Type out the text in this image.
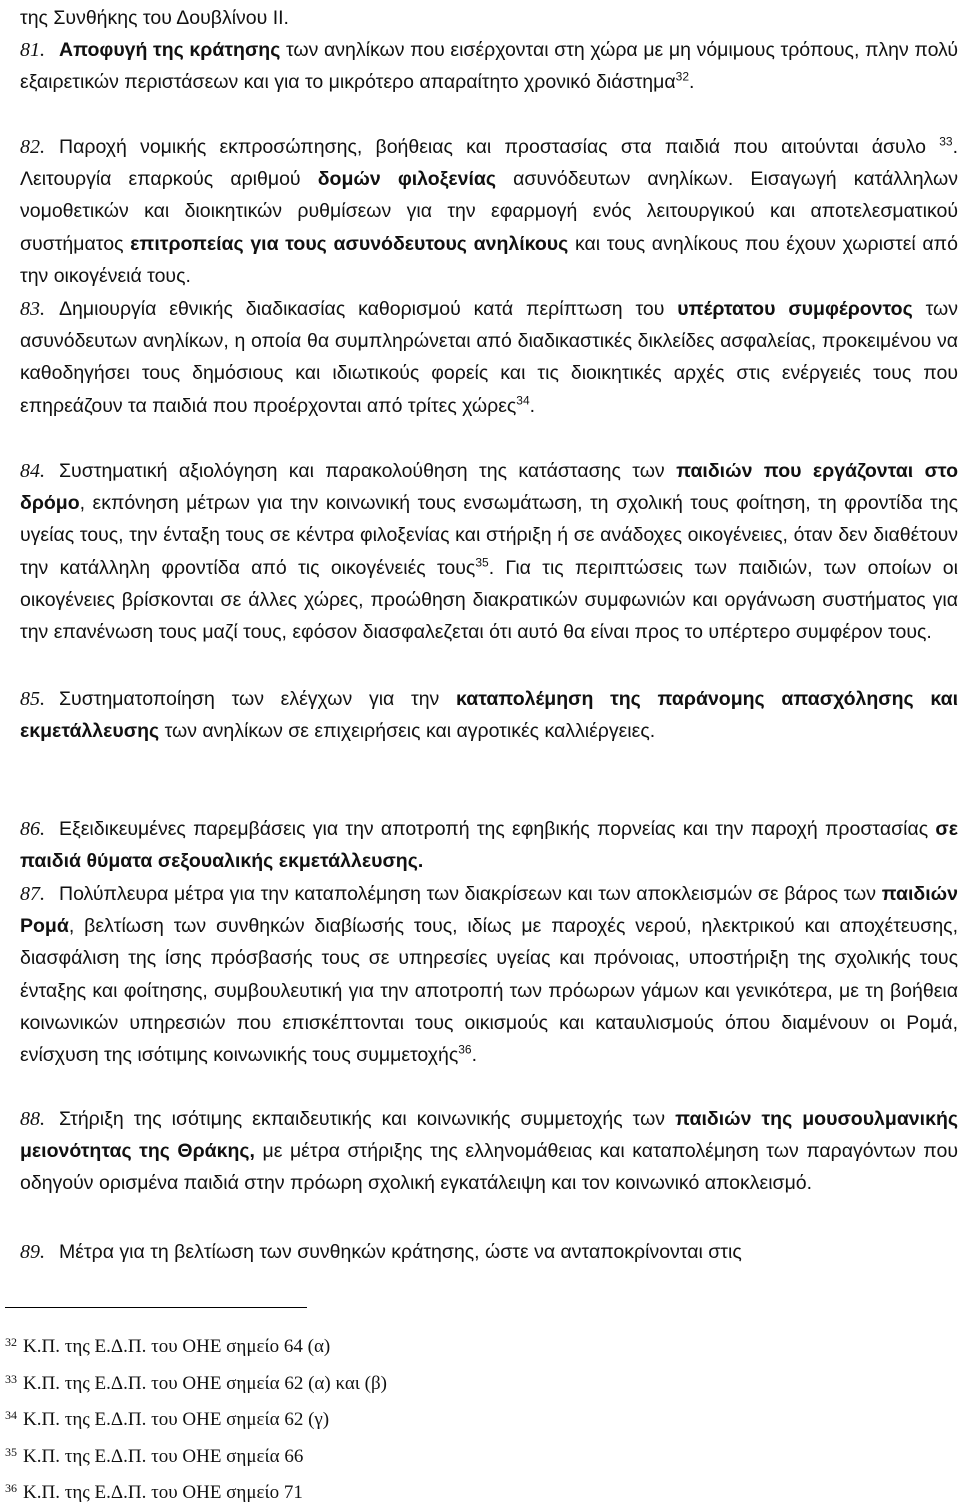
της Συνθήκης του Δουβλίνου ΙΙ.
81. Αποφυγή της κράτησης των ανηλίκων που εισέρχονται στη χώρα με μη νόμιμους τρόπους, πλην πολύ εξαιρετικών περιστάσεων και για το μικρότερο απαραίτητο χρονικό διάστημα$^{32}$.
82. Παροχή νομικής εκπροσώπησης, βοήθειας και προστασίας στα παιδιά που αιτούνται άσυλο $^{33}$. Λειτουργία επαρκούς αριθμού δομών φιλοξενίας ασυνόδευτων ανηλίκων. Εισαγωγή κατάλληλων νομοθετικών και διοικητικών ρυθμίσεων για την εφαρμογή ενός λειτουργικού και αποτελεσματικού συστήματος επιτροπείας για τους ασυνόδευτους ανηλίκους και τους ανηλίκους που έχουν χωριστεί από την οικογένειά τους.
83. Δημιουργία εθνικής διαδικασίας καθορισμού κατά περίπτωση του υπέρτατου συμφέροντος των ασυνόδευτων ανηλίκων, η οποία θα συμπληρώνεται από διαδικαστικές δικλείδες ασφαλείας, προκειμένου να καθοδηγήσει τους δημόσιους και ιδιωτικούς φορείς και τις διοικητικές αρχές στις ενέργειές τους που επηρεάζουν τα παιδιά που προέρχονται από τρίτες χώρες$^{34}$.
84. Συστηματική αξιολόγηση και παρακολούθηση της κατάστασης των παιδιών που εργάζονται στο δρόμο, εκπόνηση μέτρων για την κοινωνική τους ενσωμάτωση, τη σχολική τους φοίτηση, τη φροντίδα της υγείας τους, την ένταξη τους σε κέντρα φιλοξενίας και στήριξη ή σε ανάδοχες οικογένειες, όταν δεν διαθέτουν την κατάλληλη φροντίδα από τις οικογένειές τους$^{35}$. Για τις περιπτώσεις των παιδιών, των οποίων οι οικογένειες βρίσκονται σε άλλες χώρες, προώθηση διακρατικών συμφωνιών και οργάνωση συστήματος για την επανένωση τους μαζί τους, εφόσον διασφαλεζεται ότι αυτό θα είναι προς το υπέρτερο συμφέρον τους.
85. Συστηματοποίηση των ελέγχων για την καταπολέμηση της παράνομης απασχόλησης και εκμετάλλευσης των ανηλίκων σε επιχειρήσεις και αγροτικές καλλιέργειες.
86. Εξειδικευμένες παρεμβάσεις για την αποτροπή της εφηβικής πορνείας και την παροχή προστασίας σε παιδιά θύματα σεξουαλικής εκμετάλλευσης.
87. Πολύπλευρα μέτρα για την καταπολέμηση των διακρίσεων και των αποκλεισμών σε βάρος των παιδιών Ρομά, βελτίωση των συνθηκών διαβίωσής τους, ιδίως με παροχές νερού, ηλεκτρικού και αποχέτευσης, διασφάλιση της ίσης πρόσβασής τους σε υπηρεσίες υγείας και πρόνοιας, υποστήριξη της σχολικής τους ένταξης και φοίτησης, συμβουλευτική για την αποτροπή των πρόωρων γάμων και γενικότερα, με τη βοήθεια κοινωνικών υπηρεσιών που επισκέπτονται τους οικισμούς και καταυλισμούς όπου διαμένουν οι Ρομά, ενίσχυση της ισότιμης κοινωνικής τους συμμετοχής$^{36}$.
88. Στήριξη της ισότιμης εκπαιδευτικής και κοινωνικής συμμετοχής των παιδιών της μουσουλμανικής μειονότητας της Θράκης, με μέτρα στήριξης της ελληνομάθειας και καταπολέμηση των παραγόντων που οδηγούν ορισμένα παιδιά στην πρόωρη σχολική εγκατάλειψη και τον κοινωνικό αποκλεισμό.
89. Μέτρα για τη βελτίωση των συνθηκών κράτησης, ώστε να ανταποκρίνονται στις
$^{32}$ Κ.Π. της Ε.Δ.Π. του ΟΗΕ σημείο 64 (α)
$^{33}$ Κ.Π. της Ε.Δ.Π. του ΟΗΕ σημεία 62 (α) και (β)
$^{34}$ Κ.Π. της Ε.Δ.Π. του ΟΗΕ σημεία 62 (γ)
$^{35}$ Κ.Π. της Ε.Δ.Π. του ΟΗΕ σημεία 66
$^{36}$ Κ.Π. της Ε.Δ.Π. του ΟΗΕ σημείο 71
